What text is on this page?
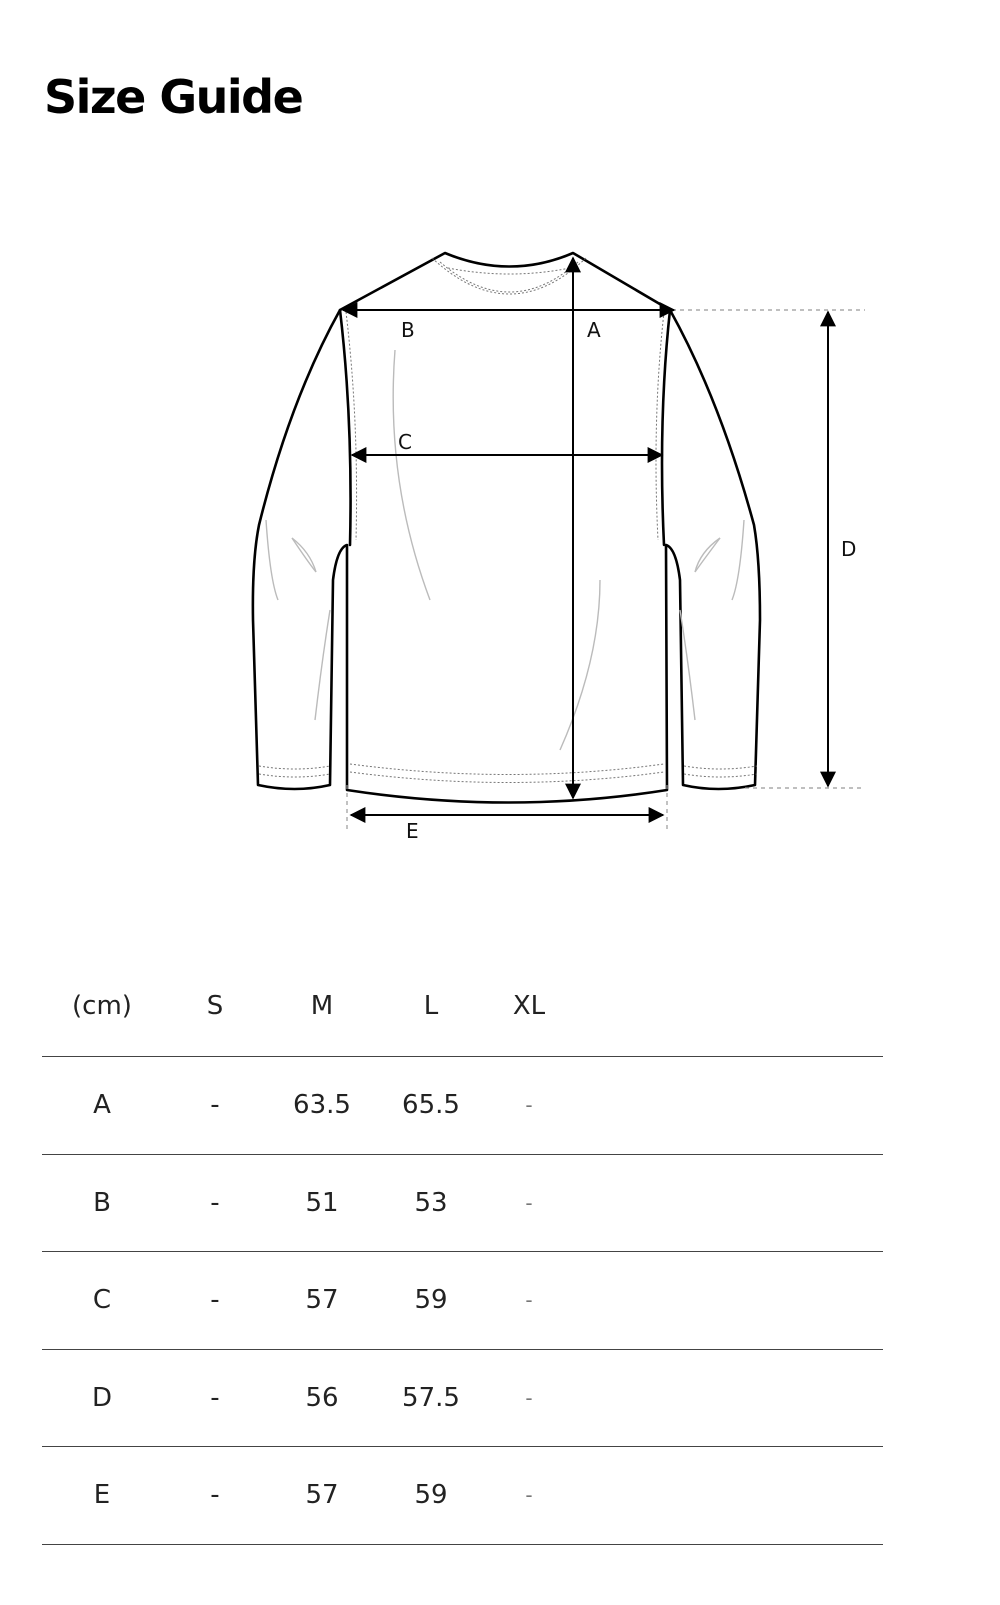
Size Guide
A
B
C
D
E
(cm)	S	M	L	XL	
A	-	63.5	65.5	-	
B	-	51	53	-	
C	-	57	59	-	
D	-	56	57.5	-	
E	-	57	59	-	
